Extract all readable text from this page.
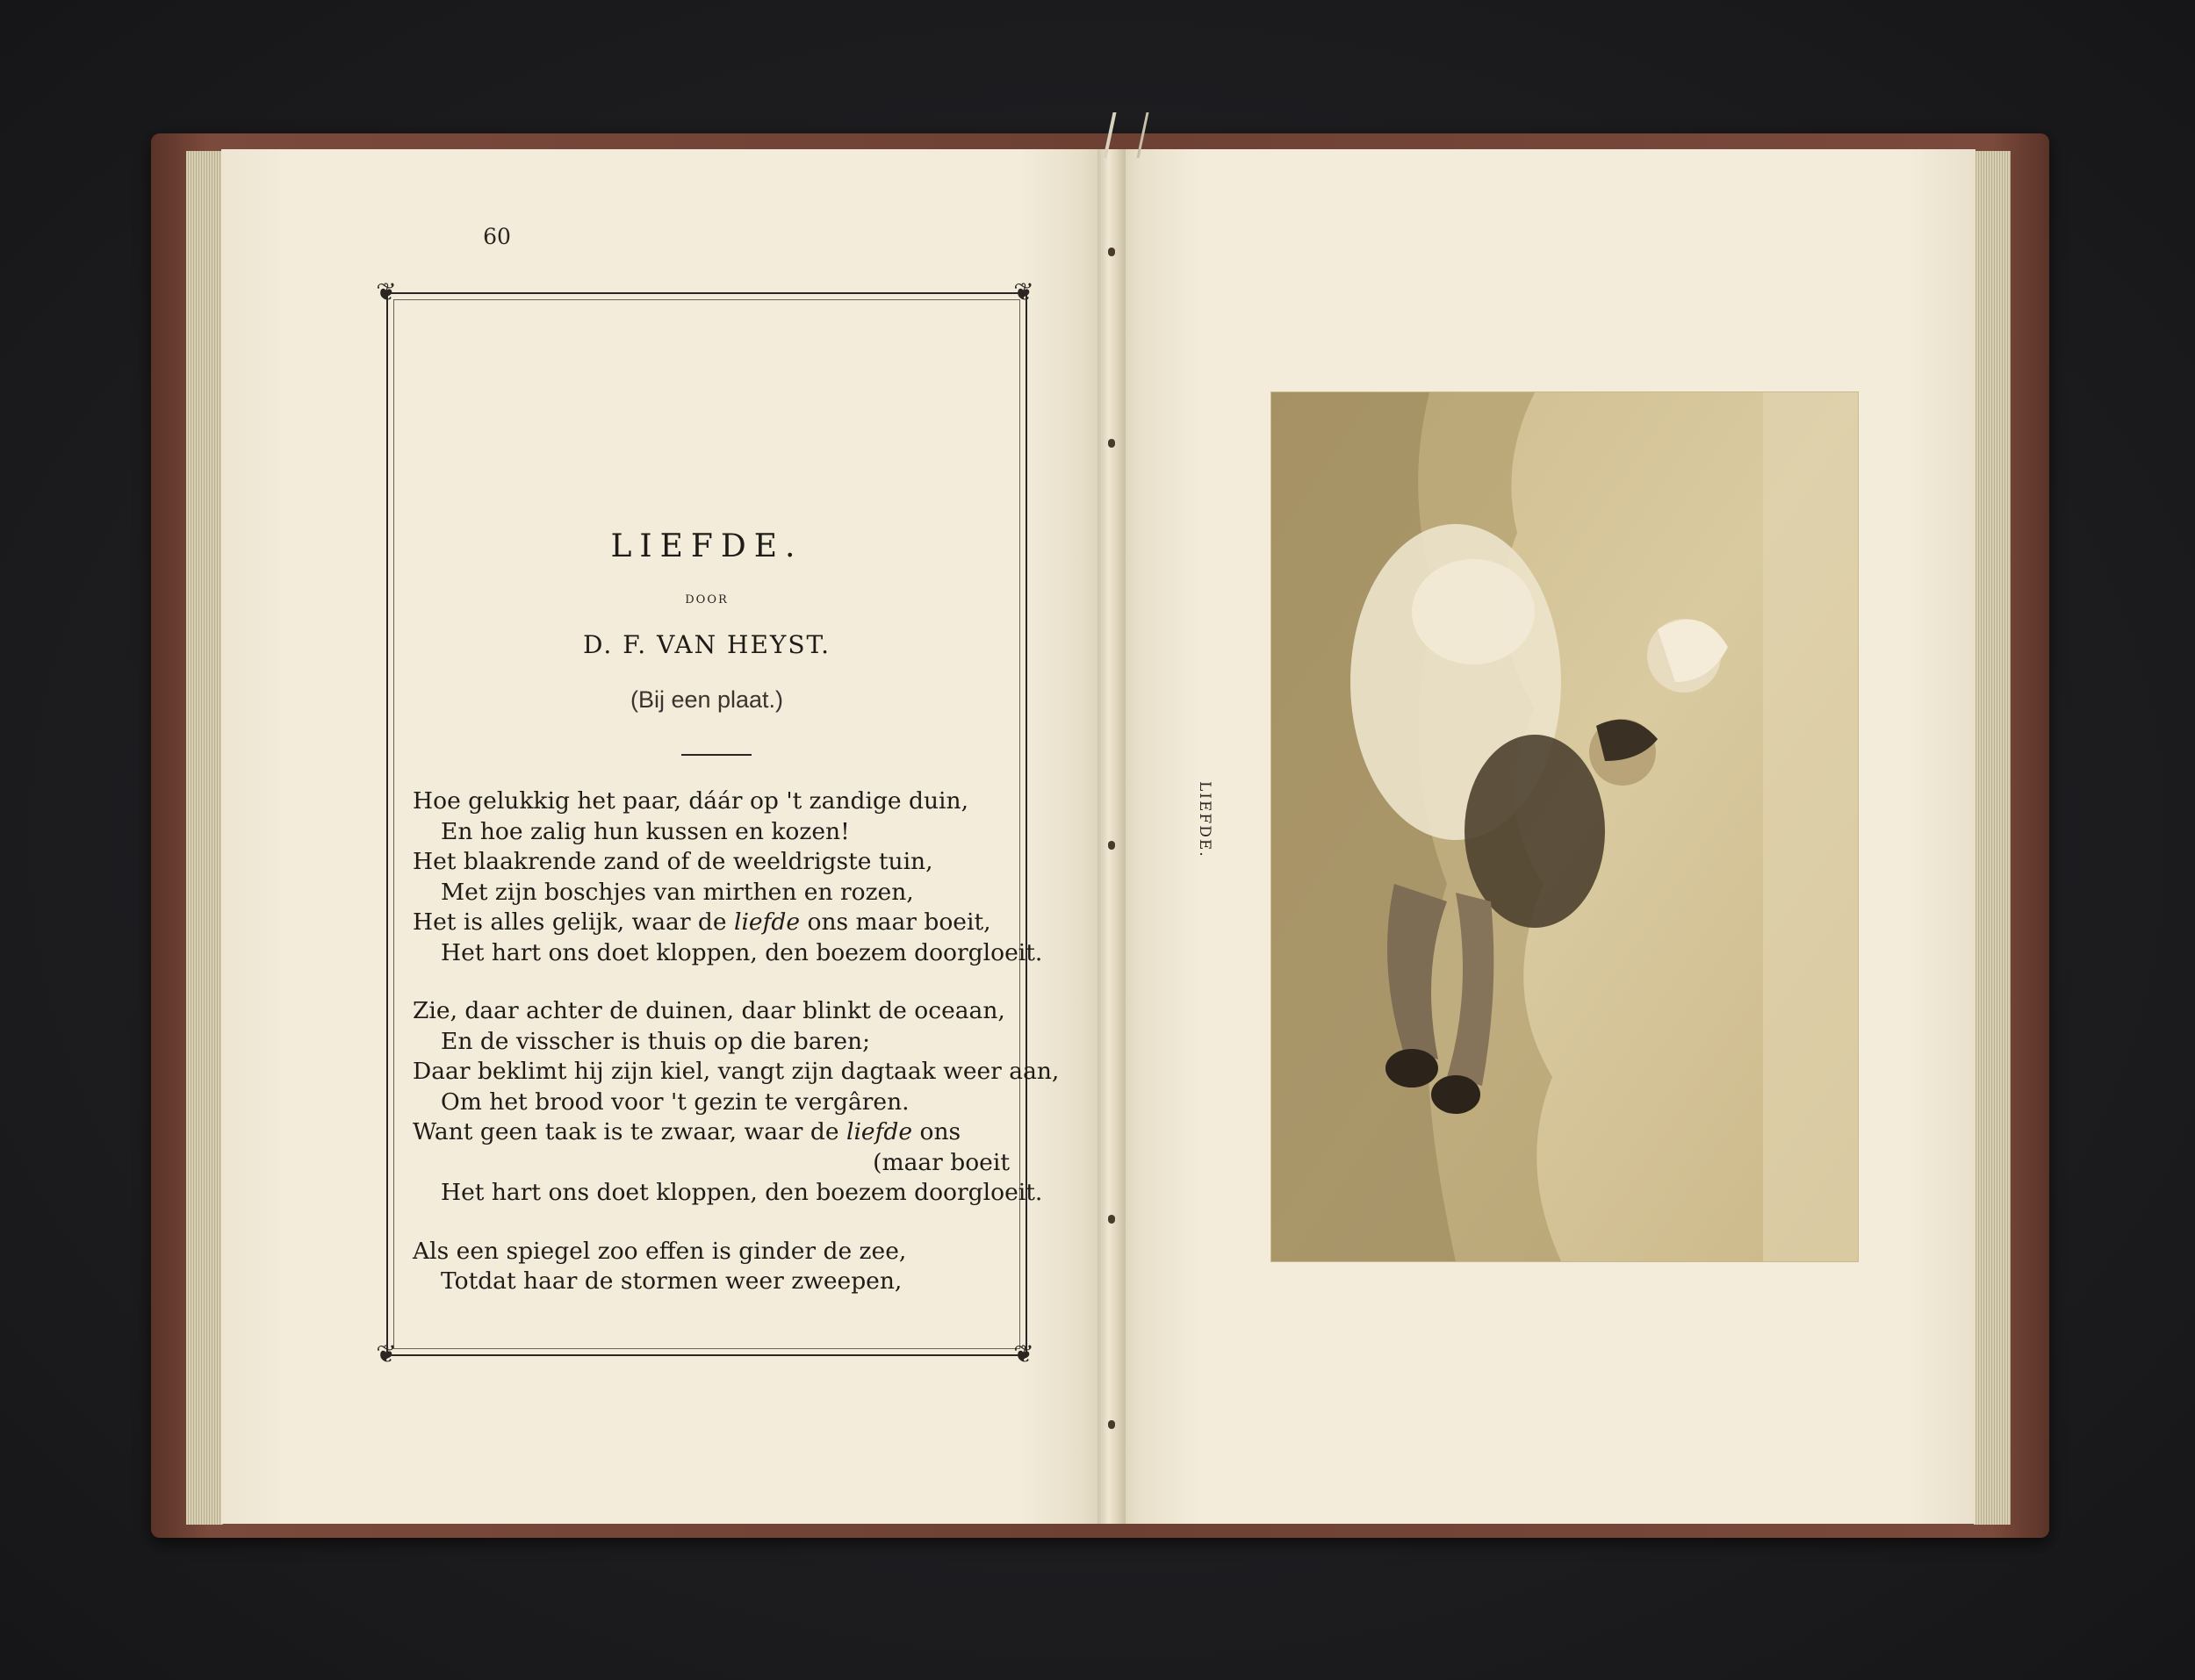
60
❦	❦
❦	❦
LIEFDE.
DOOR
D. F. VAN HEYST.
(Bij een plaat.)
Hoe gelukkig het paar, dáár op 't zandige duin,
En hoe zalig hun kussen en kozen!
Het blaakrende zand of de weeldrigste tuin,
Met zijn boschjes van mirthen en rozen,
Het is alles gelijk, waar de liefde ons maar boeit,
Het hart ons doet kloppen, den boezem doorgloeit.
Zie, daar achter de duinen, daar blinkt de oceaan,
En de visscher is thuis op die baren;
Daar beklimt hij zijn kiel, vangt zijn dagtaak weer aan,
Om het brood voor 't gezin te vergâren.
Want geen taak is te zwaar, waar de liefde ons
(maar boeit
Het hart ons doet kloppen, den boezem doorgloeit.
Als een spiegel zoo effen is ginder de zee,
Totdat haar de stormen weer zweepen,
LIEFDE.
